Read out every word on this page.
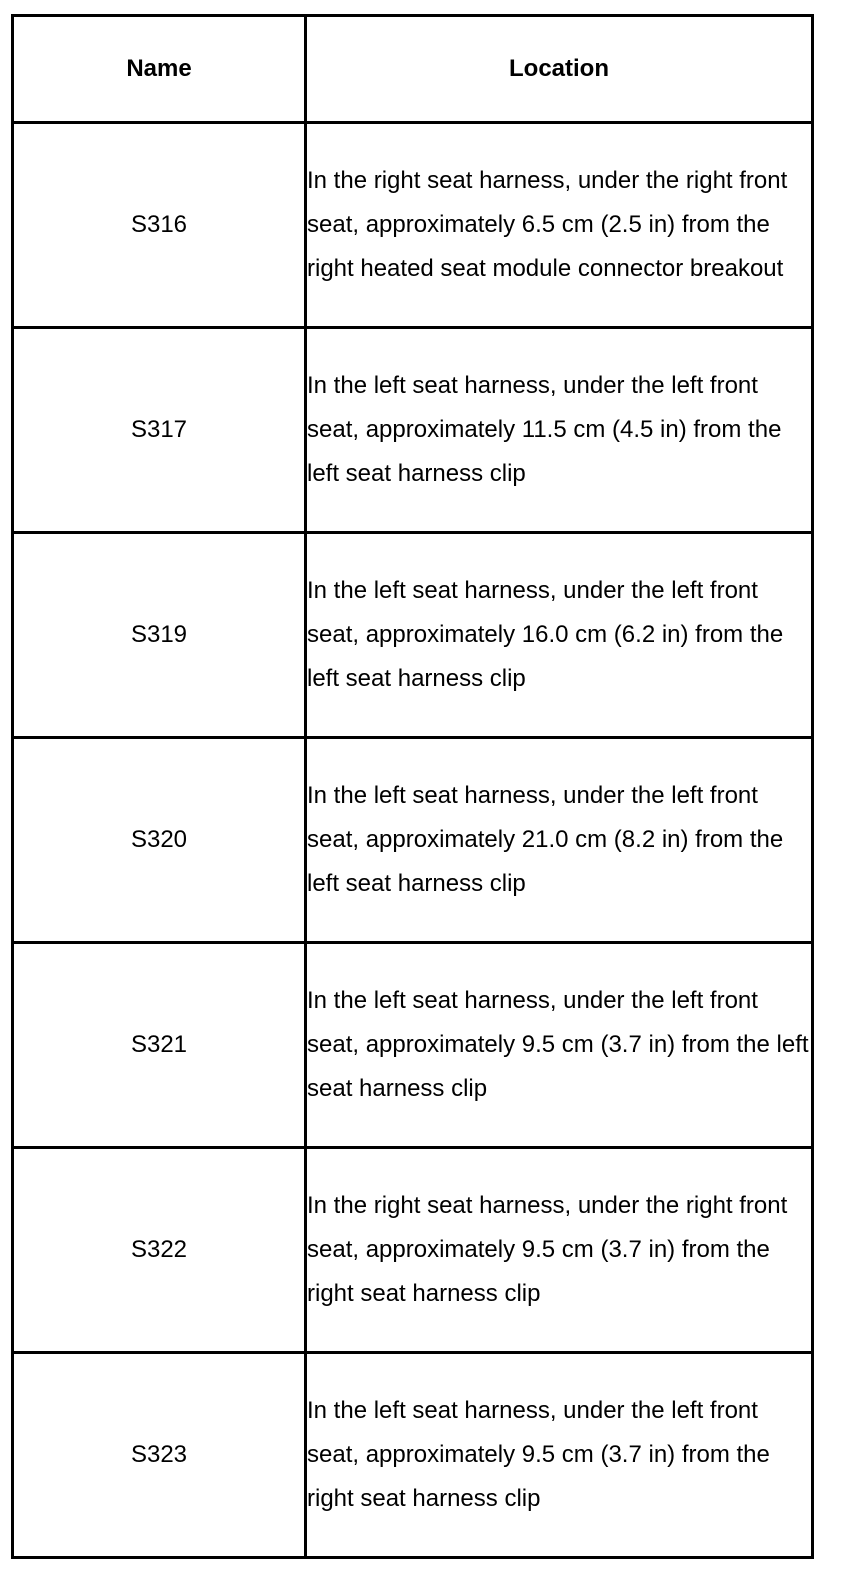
Name	Location
S316	In the right seat harness, under the right front seat, approximately 6.5 cm (2.5 in) from the right heated seat module connector breakout
S317	In the left seat harness, under the left front seat, approximately 11.5 cm (4.5 in) from the left seat harness clip
S319	In the left seat harness, under the left front seat, approximately 16.0 cm (6.2 in) from the left seat harness clip
S320	In the left seat harness, under the left front seat, approximately 21.0 cm (8.2 in) from the left seat harness clip
S321	In the left seat harness, under the left front seat, approximately 9.5 cm (3.7 in) from the left seat harness clip
S322	In the right seat harness, under the right front seat, approximately 9.5 cm (3.7 in) from the right seat harness clip
S323	In the left seat harness, under the left front seat, approximately 9.5 cm (3.7 in) from the right seat harness clip
